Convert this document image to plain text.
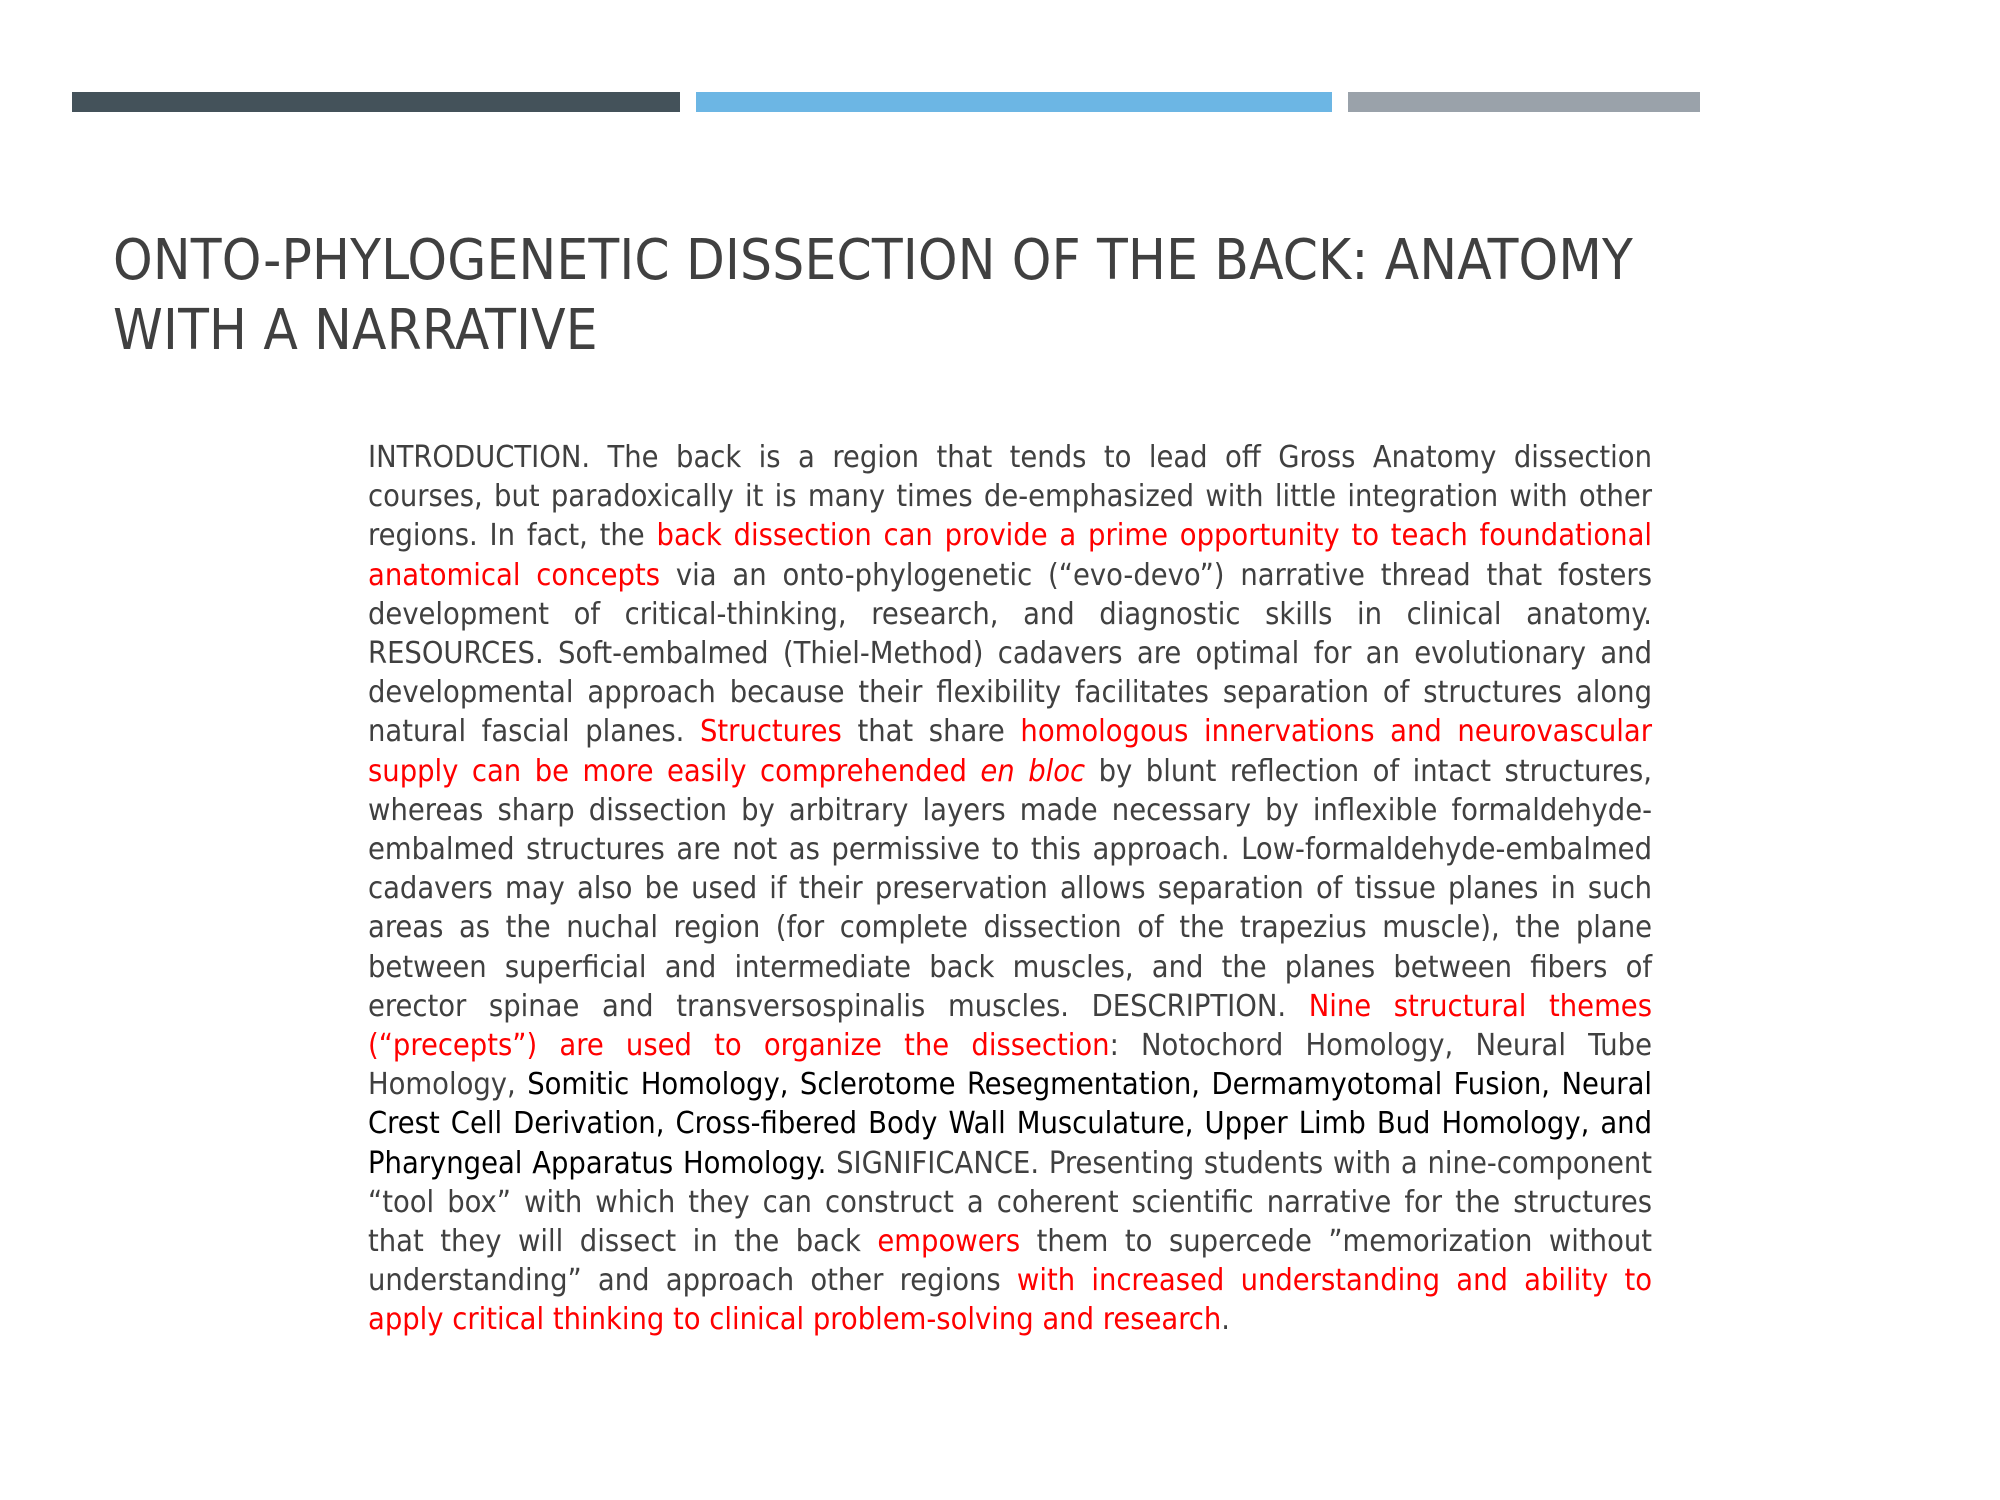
ONTO-PHYLOGENETIC DISSECTION OF THE BACK: ANATOMY
WITH A NARRATIVE

INTRODUCTION. The back is a region that tends to lead off Gross Anatomy dissection courses, but paradoxically it is many times de-emphasized with little integration with other regions. In fact, the back dissection can provide a prime opportunity to teach foundational anatomical concepts via an onto-phylogenetic (“evo-devo”) narrative thread that fosters development of critical-thinking, research, and diagnostic skills in clinical anatomy. RESOURCES. Soft-embalmed (Thiel-Method) cadavers are optimal for an evolutionary and developmental approach because their flexibility facilitates separation of structures along natural fascial planes. Structures that share homologous innervations and neurovascular supply can be more easily comprehended en bloc by blunt reflection of intact structures, whereas sharp dissection by arbitrary layers made necessary by inflexible formaldehyde-embalmed structures are not as permissive to this approach. Low-formaldehyde-embalmed cadavers may also be used if their preservation allows separation of tissue planes in such areas as the nuchal region (for complete dissection of the trapezius muscle), the plane between superficial and intermediate back muscles, and the planes between fibers of erector spinae and transversospinalis muscles. DESCRIPTION. Nine structural themes (“precepts”) are used to organize the dissection: Notochord Homology, Neural Tube Homology, Somitic Homology, Sclerotome Resegmentation, Dermamyotomal Fusion, Neural Crest Cell Derivation, Cross-fibered Body Wall Musculature, Upper Limb Bud Homology, and Pharyngeal Apparatus Homology. SIGNIFICANCE. Presenting students with a nine-component “tool box” with which they can construct a coherent scientific narrative for the structures that they will dissect in the back empowers them to supercede ”memorization without understanding” and approach other regions with increased understanding and ability to apply critical thinking to clinical problem-solving and research.
